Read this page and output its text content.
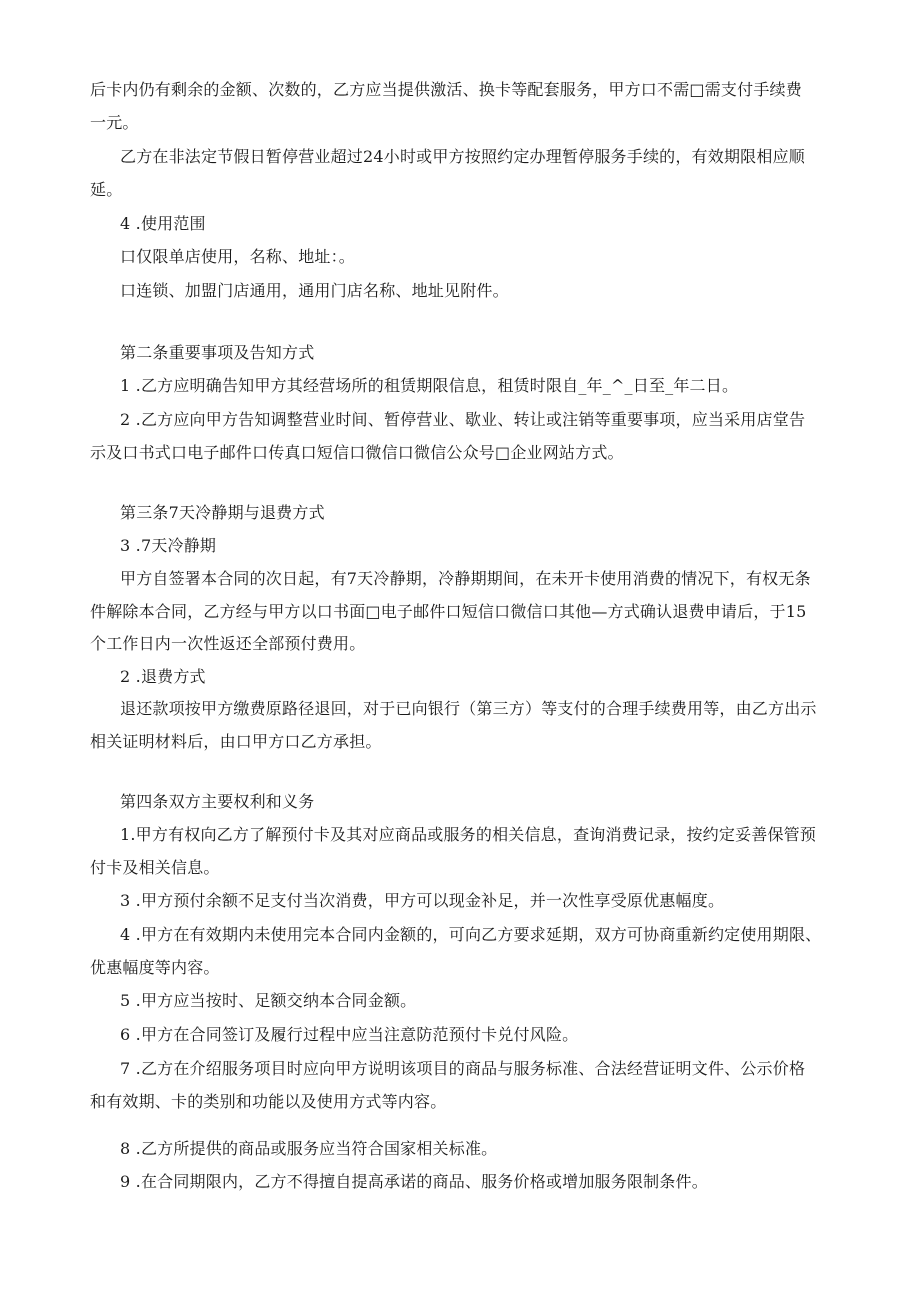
后卡内仍有剩余的金额、次数的，乙方应当提供激活、换卡等配套服务，甲方口不需□需支付手续费
一元。
乙方在非法定节假日暂停营业超过24小时或甲方按照约定办理暂停服务手续的，有效期限相应顺
延。
4 .使用范围
口仅限单店使用，名称、地址：。
口连锁、加盟门店通用，通用门店名称、地址见附件。
第二条重要事项及告知方式
1 .乙方应明确告知甲方其经营场所的租赁期限信息，租赁时限自_年_^_日至_年二日。
2 .乙方应向甲方告知调整营业时间、暂停营业、歇业、转让或注销等重要事项，应当采用店堂告
示及口书式口电子邮件口传真口短信口微信口微信公众号□企业网站方式。
第三条7天冷静期与退费方式
3 .7天冷静期
甲方自签署本合同的次日起，有7天冷静期，冷静期期间，在未开卡使用消费的情况下，有权无条
件解除本合同，乙方经与甲方以口书面□电子邮件口短信口微信口其他—方式确认退费申请后，于15
个工作日内一次性返还全部预付费用。
2 .退费方式
退还款项按甲方缴费原路径退回，对于已向银行（第三方）等支付的合理手续费用等，由乙方出示
相关证明材料后，由口甲方口乙方承担。
第四条双方主要权利和义务
1.甲方有权向乙方了解预付卡及其对应商品或服务的相关信息，查询消费记录，按约定妥善保管预
付卡及相关信息。
3 .甲方预付余额不足支付当次消费，甲方可以现金补足，并一次性享受原优惠幅度。
4 .甲方在有效期内未使用完本合同内金额的，可向乙方要求延期，双方可协商重新约定使用期限、
优惠幅度等内容。
5 .甲方应当按时、足额交纳本合同金额。
6 .甲方在合同签订及履行过程中应当注意防范预付卡兑付风险。
7 .乙方在介绍服务项目时应向甲方说明该项目的商品与服务标准、合法经营证明文件、公示价格
和有效期、卡的类别和功能以及使用方式等内容。
8 .乙方所提供的商品或服务应当符合国家相关标准。
9 .在合同期限内，乙方不得擅自提高承诺的商品、服务价格或增加服务限制条件。
